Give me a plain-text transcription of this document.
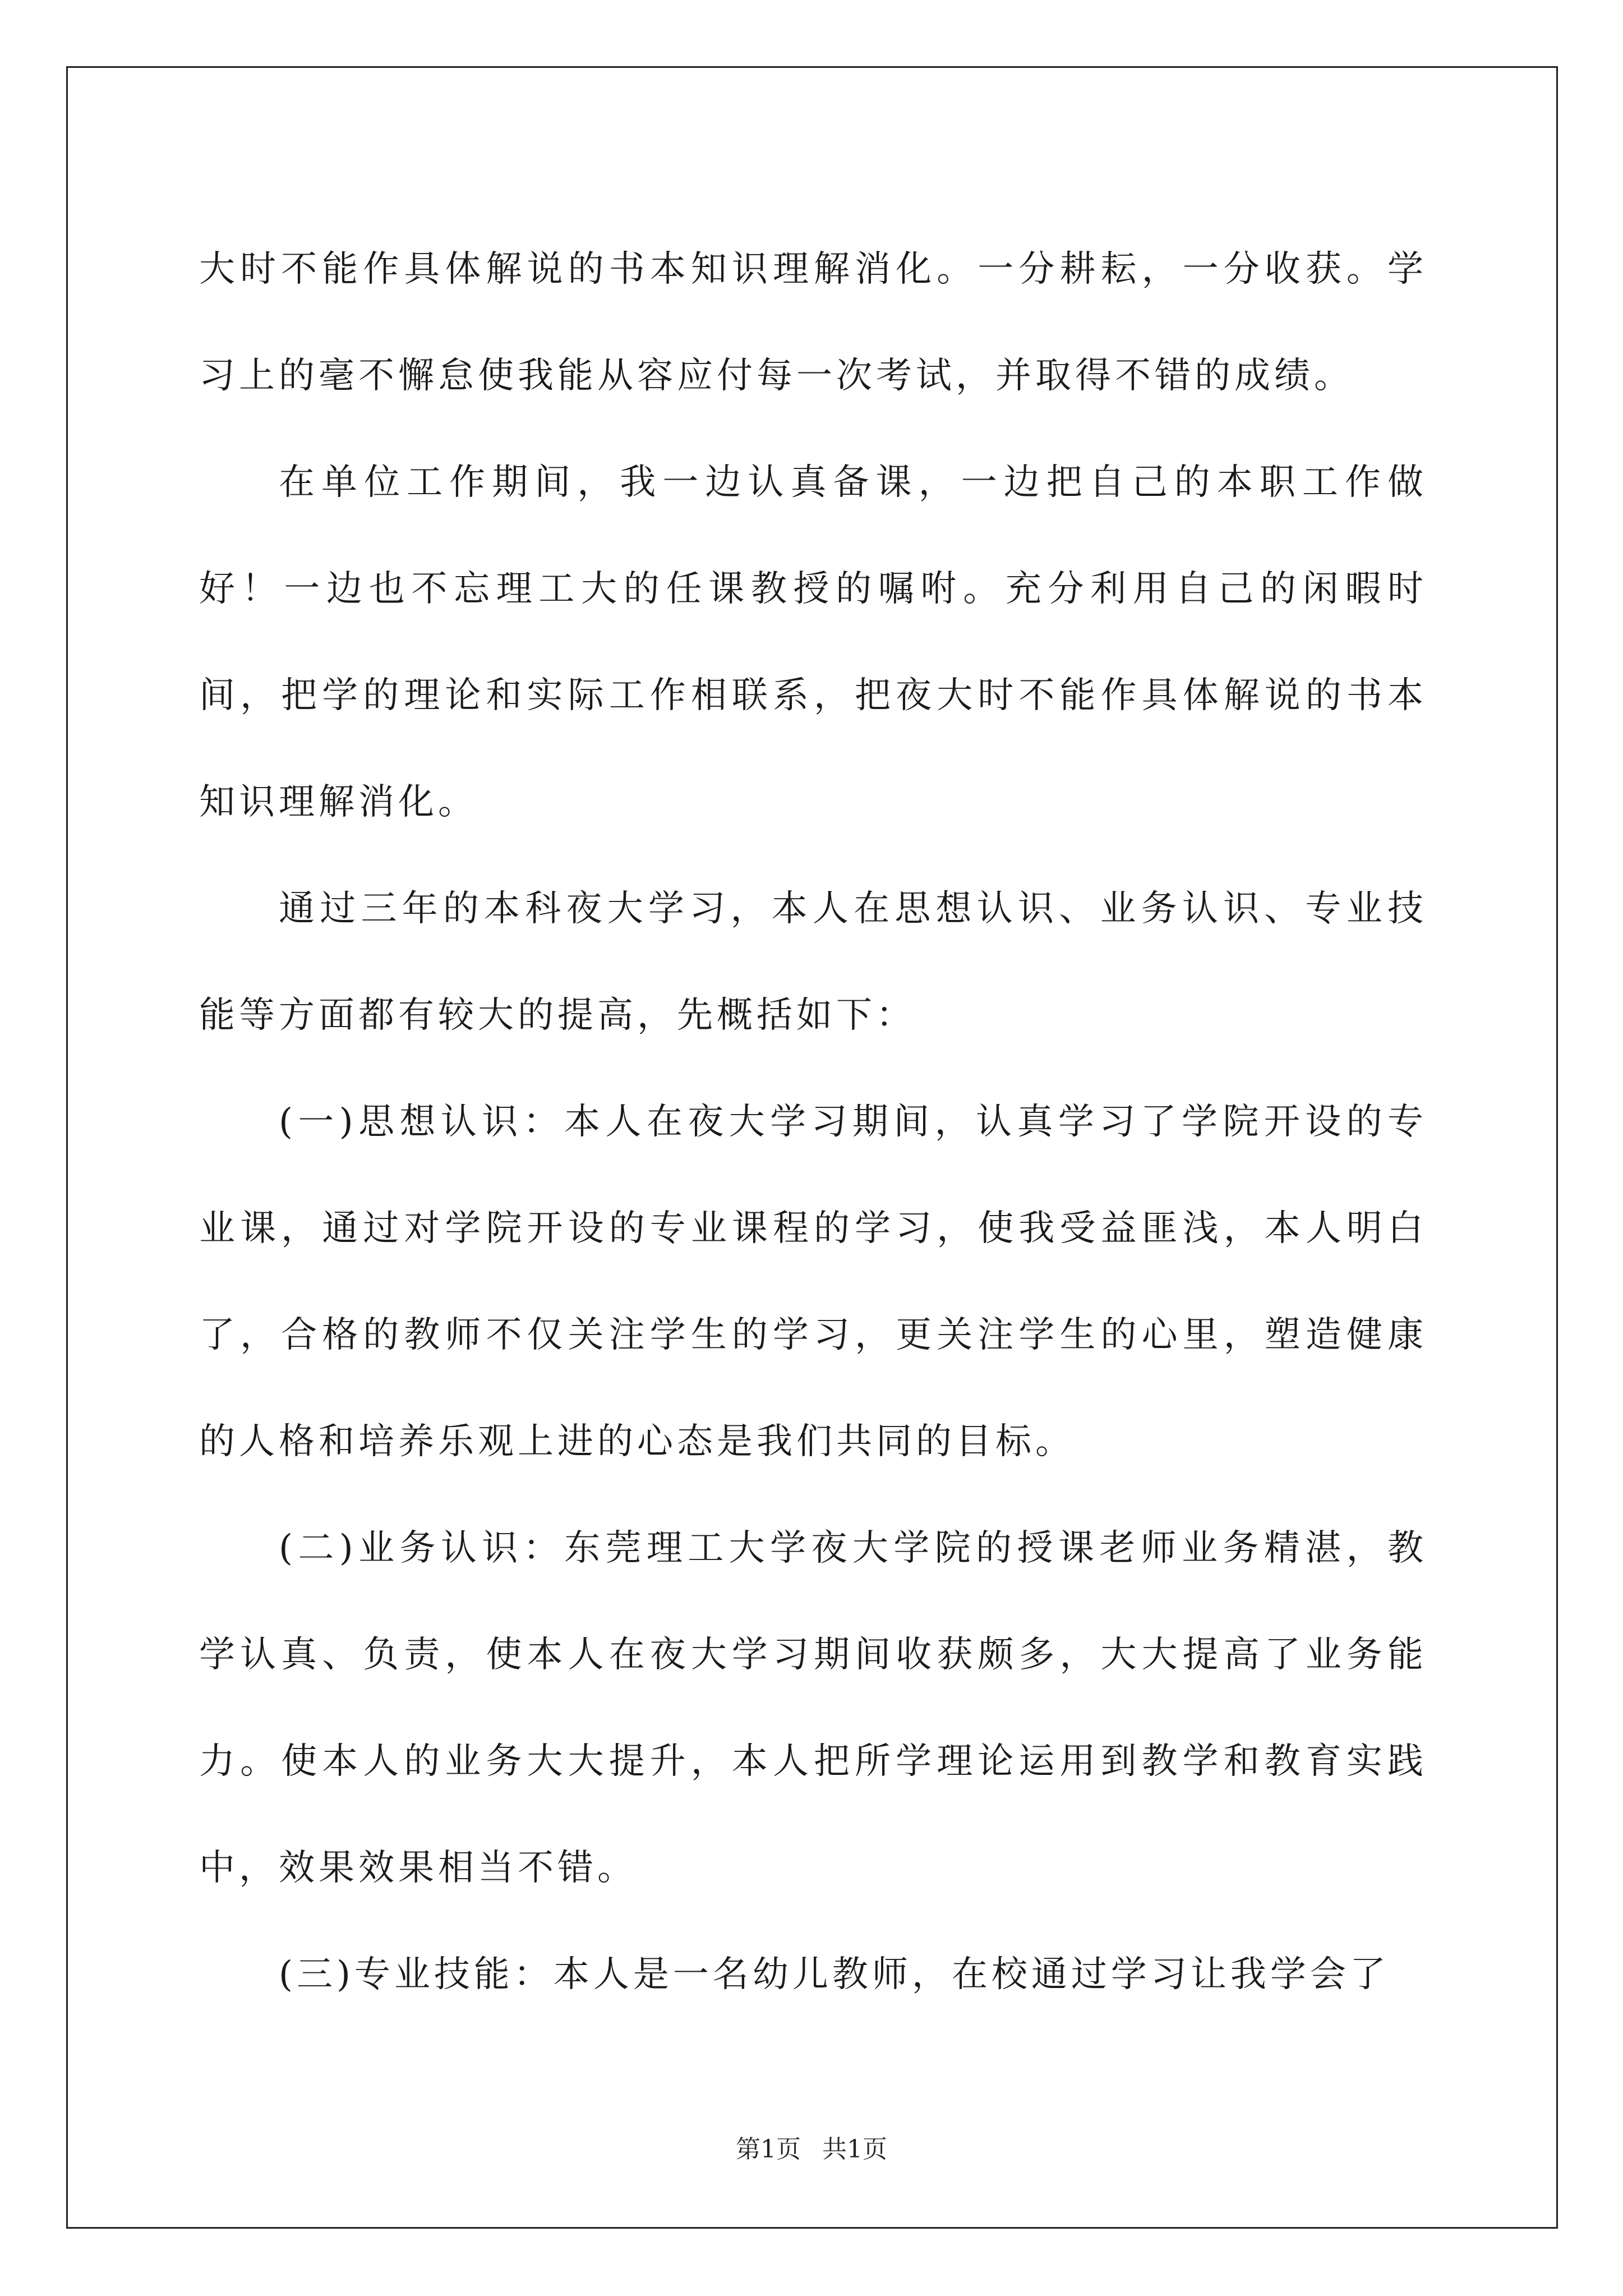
大时不能作具体解说的书本知识理解消化。一分耕耘，一分收获。学习上的毫不懈怠使我能从容应付每一次考试，并取得不错的成绩。

在单位工作期间，我一边认真备课，一边把自己的本职工作做好！一边也不忘理工大的任课教授的嘱咐。充分利用自己的闲暇时间，把学的理论和实际工作相联系，把夜大时不能作具体解说的书本知识理解消化。

通过三年的本科夜大学习，本人在思想认识、业务认识、专业技能等方面都有较大的提高，先概括如下：

(一)思想认识：本人在夜大学习期间，认真学习了学院开设的专业课，通过对学院开设的专业课程的学习，使我受益匪浅，本人明白了，合格的教师不仅关注学生的学习，更关注学生的心里，塑造健康的人格和培养乐观上进的心态是我们共同的目标。

(二)业务认识：东莞理工大学夜大学院的授课老师业务精湛，教学认真、负责，使本人在夜大学习期间收获颇多，大大提高了业务能力。使本人的业务大大提升，本人把所学理论运用到教学和教育实践中，效果效果相当不错。

(三)专业技能：本人是一名幼儿教师，在校通过学习让我学会了

第1页 共1页
